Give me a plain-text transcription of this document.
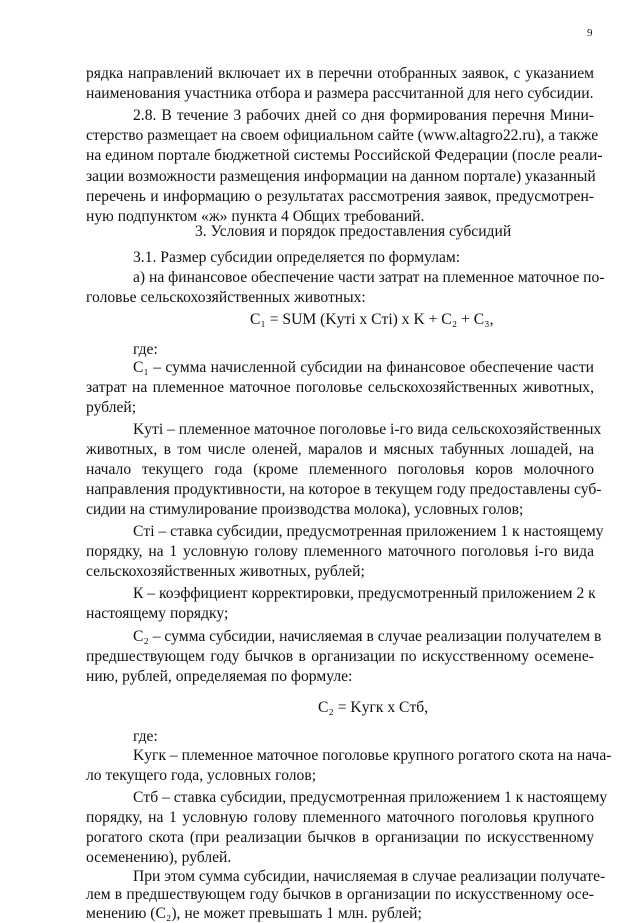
9
рядка направлений включает их в перечни отобранных заявок, с указанием
наименования участника отбора и размера рассчитанной для него субсидии.
2.8. В течение 3 рабочих дней со дня формирования перечня Мини-
стерство размещает на своем официальном сайте (www.altagro22.ru), а также
на едином портале бюджетной системы Российской Федерации (после реали-
зации возможности размещения информации на данном портале) указанный
перечень и информацию о результатах рассмотрения заявок, предусмотрен-
ную подпунктом «ж» пункта 4 Общих требований.
3. Условия и порядок предоставления субсидий
3.1. Размер субсидии определяется по формулам:
а) на финансовое обеспечение части затрат на племенное маточное по-
головье сельскохозяйственных животных:
C₁ = SUM (Kуті x Cті) x K + C₂ + C₃,
где:
C₁ – сумма начисленной субсидии на финансовое обеспечение части
затрат на племенное маточное поголовье сельскохозяйственных животных,
рублей;
Kуті – племенное маточное поголовье i-го вида сельскохозяйственных
животных, в том числе оленей, маралов и мясных табунных лошадей, на
начало текущего года (кроме племенного поголовья коров молочного
направления продуктивности, на которое в текущем году предоставлены суб-
сидии на стимулирование производства молока), условных голов;
Cті – ставка субсидии, предусмотренная приложением 1 к настоящему
порядку, на 1 условную голову племенного маточного поголовья i-го вида
сельскохозяйственных животных, рублей;
К – коэффициент корректировки, предусмотренный приложением 2 к
настоящему порядку;
C₂ – сумма субсидии, начисляемая в случае реализации получателем в
предшествующем году бычков в организации по искусственному осемене-
нию, рублей, определяемая по формуле:
C₂ = Kугк x Cтб,
где:
Kугк – племенное маточное поголовье крупного рогатого скота на нача-
ло текущего года, условных голов;
Cтб – ставка субсидии, предусмотренная приложением 1 к настоящему
порядку, на 1 условную голову племенного маточного поголовья крупного
рогатого скота (при реализации бычков в организации по искусственному
осеменению), рублей.
При этом сумма субсидии, начисляемая в случае реализации получате-
лем в предшествующем году бычков в организации по искусственному осе-
менению (C₂), не может превышать 1 млн. рублей;
